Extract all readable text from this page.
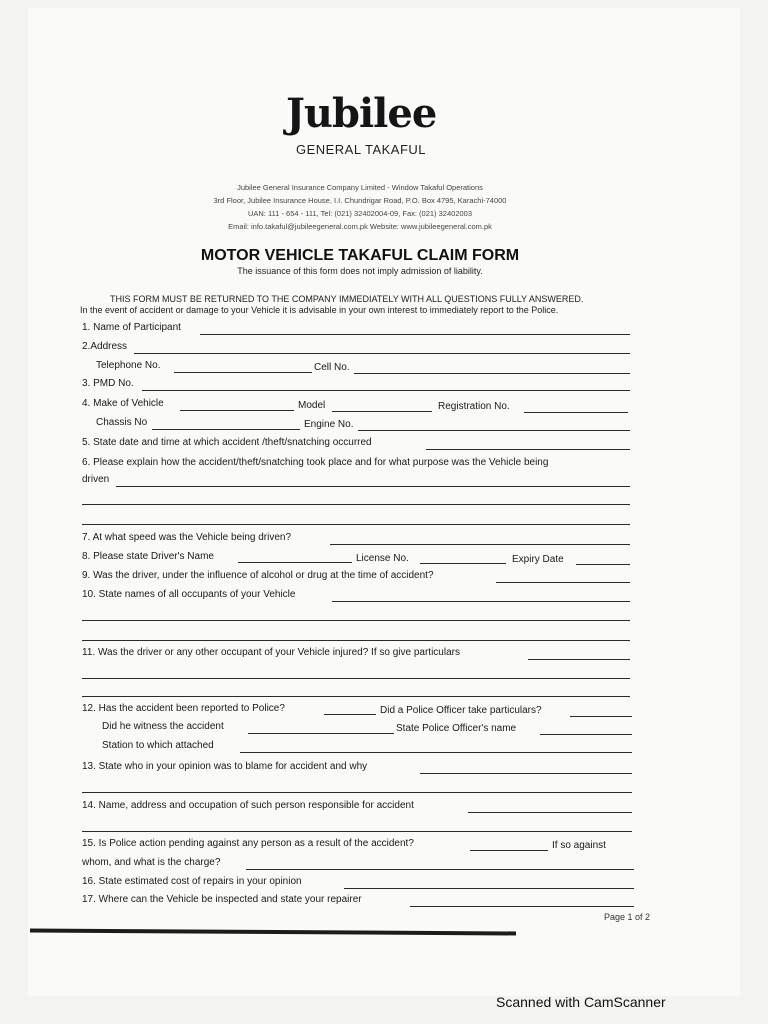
Jubilee
GENERAL TAKAFUL
Jubilee General Insurance Company Limited - Window Takaful Operations
3rd Floor, Jubilee Insurance House, I.I. Chundrigar Road, P.O. Box 4795, Karachi-74000
UAN: 111 - 654 - 111, Tel: (021) 32402004-09, Fax: (021) 32402003
Email: info.takaful@jubileegeneral.com.pk Website: www.jubileegeneral.com.pk
MOTOR VEHICLE TAKAFUL CLAIM FORM
The issuance of this form does not imply admission of liability.
THIS FORM MUST BE RETURNED TO THE COMPANY IMMEDIATELY WITH ALL QUESTIONS FULLY ANSWERED.
In the event of accident or damage to your Vehicle it is advisable in your own interest to immediately report to the Police.
1. Name of Participant
2.Address
Telephone No.	Cell No.
3. PMD No.
4. Make of Vehicle	Model	Registration No.
Chassis No	Engine No.
5. State date and time at which accident /theft/snatching occurred
6. Please explain how the accident/theft/snatching took place and for what purpose was the Vehicle being
driven
7. At what speed was the Vehicle being driven?
8. Please state Driver's Name	License No.	Expiry Date
9. Was the driver, under the influence of alcohol or drug at the time of accident?
10. State names of all occupants of your Vehicle
11. Was the driver or any other occupant of your Vehicle injured? If so give particulars
12. Has the accident been reported to Police?	Did a Police Officer take particulars?
Did he witness the accident	State Police Officer's name
Station to which attached
13. State who in your opinion was to blame for accident and why
14. Name, address and occupation of such person responsible for accident
15. Is Police action pending against any person as a result of the accident?	If so against
whom, and what is the charge?
16. State estimated cost of repairs in your opinion
17. Where can the Vehicle be inspected and state your repairer
Page 1 of 2
Scanned with CamScanner
